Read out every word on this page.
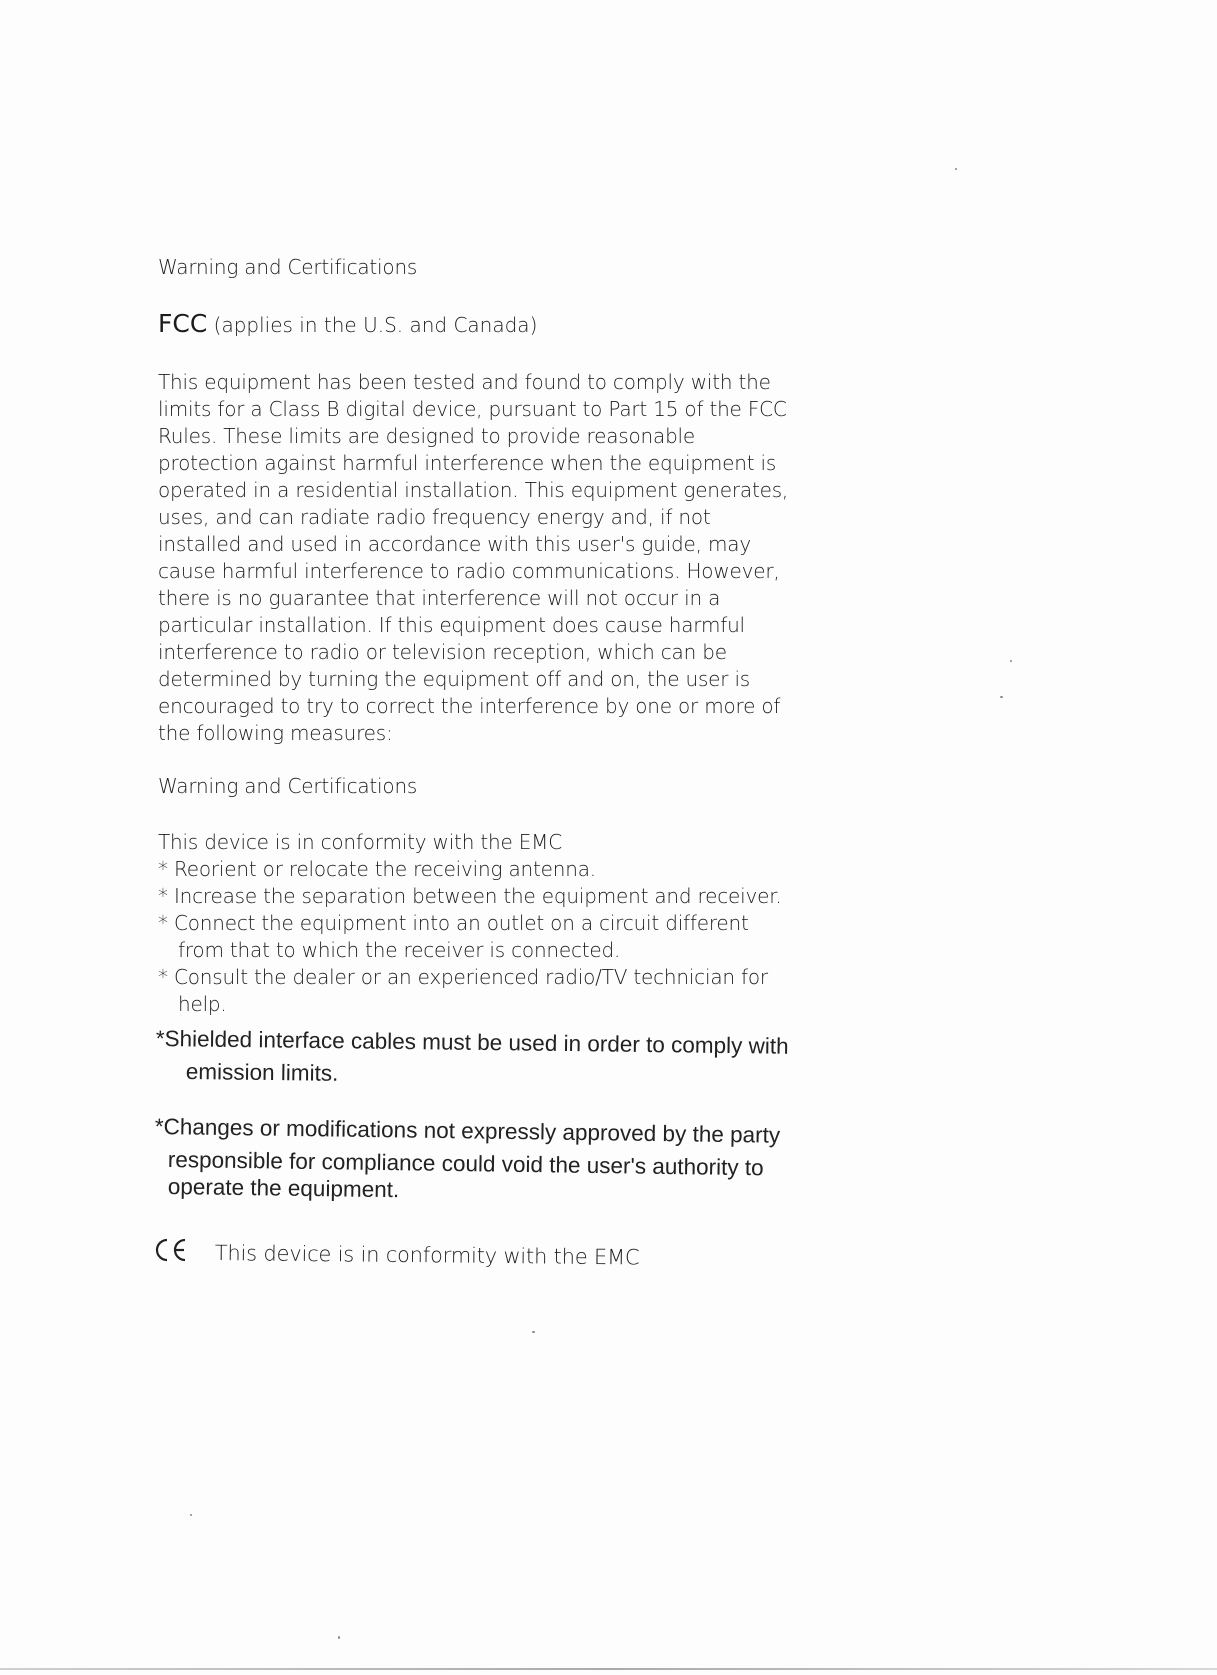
Warning and Certifications
FCC (applies in the U.S. and Canada)
This equipment has been tested and found to comply with the
limits for a Class B digital device, pursuant to Part 15 of the FCC
Rules. These limits are designed to provide reasonable
protection against harmful interference when the equipment is
operated in a residential installation. This equipment generates,
uses, and can radiate radio frequency energy and, if not
installed and used in accordance with this user's guide, may
cause harmful interference to radio communications. However,
there is no guarantee that interference will not occur in a
particular installation. If this equipment does cause harmful
interference to radio or television reception, which can be
determined by turning the equipment off and on, the user is
encouraged to try to correct the interference by one or more of
the following measures:
Warning and Certifications
This device is in conformity with the EMC
* Reorient or relocate the receiving antenna.
* Increase the separation between the equipment and receiver.
* Connect the equipment into an outlet on a circuit different
from that to which the receiver is connected.
* Consult the dealer or an experienced radio/TV technician for
help.
*Shielded interface cables must be used in order to comply with
emission limits.
*Changes or modifications not expressly approved by the party
responsible for compliance could void the user's authority to
operate the equipment.
This device is in conformity with the EMC
